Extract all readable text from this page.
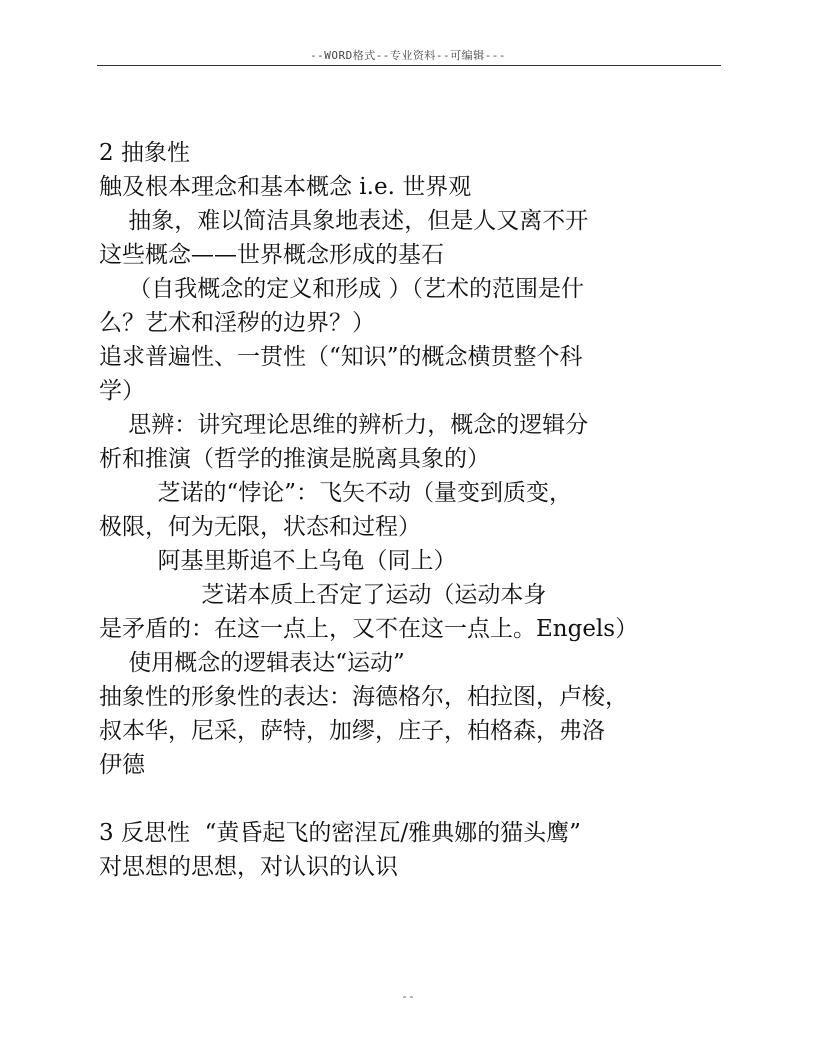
--WORD格式--专业资料--可编辑---
2 抽象性
触及根本理念和基本概念 i.e. 世界观
抽象，难以简洁具象地表述，但是人又离不开
这些概念——世界概念形成的基石
（自我概念的定义和形成 ）（艺术的范围是什
么？艺术和淫秽的边界？）
追求普遍性、一贯性（“知识”的概念横贯整个科
学）
思辨：讲究理论思维的辨析力，概念的逻辑分
析和推演（哲学的推演是脱离具象的）
芝诺的“悖论”：飞矢不动（量变到质变，
极限，何为无限，状态和过程）
阿基里斯追不上乌龟（同上）
芝诺本质上否定了运动（运动本身
是矛盾的：在这一点上，又不在这一点上。Engels）
使用概念的逻辑表达“运动”
抽象性的形象性的表达：海德格尔，柏拉图，卢梭，
叔本华，尼采，萨特，加缪，庄子，柏格森，弗洛
伊德
3 反思性  “黄昏起飞的密涅瓦/雅典娜的猫头鹰”
对思想的思想，对认识的认识
--
